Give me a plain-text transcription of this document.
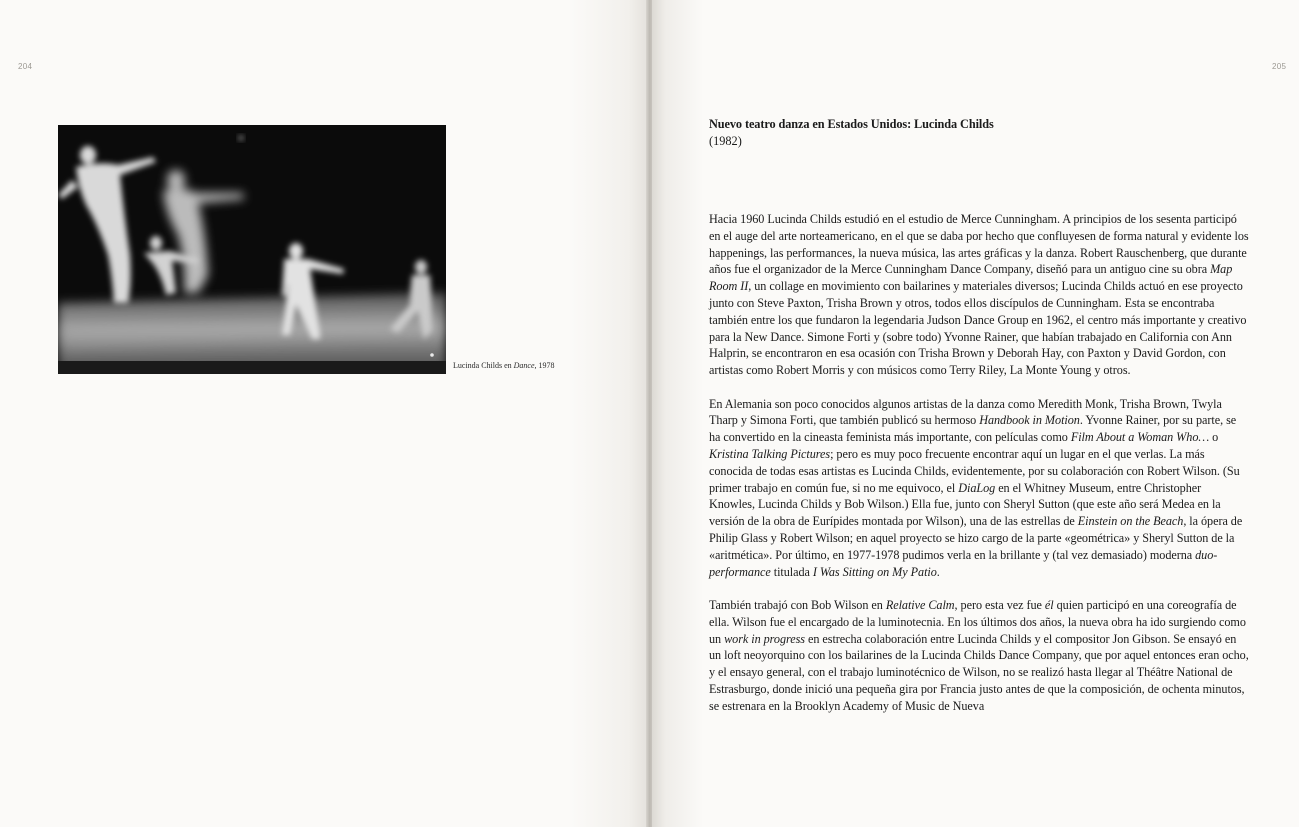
204
Lucinda Childs en Dance, 1978
205

Nuevo teatro danza en Estados Unidos: Lucinda Childs

(1982)

Hacia 1960 Lucinda Childs estudió en el estudio de Merce Cunningham. A principios de los sesenta participó en el auge del arte norteamericano, en el que se daba por hecho que confluyesen de forma natural y evidente los happenings, las performances, la nueva música, las artes gráficas y la danza. Robert Rauschenberg, que durante años fue el organizador de la Merce Cunningham Dance Company, diseñó para un antiguo cine su obra Map Room II, un collage en movimiento con bailarines y materiales diversos; Lucinda Childs actuó en ese proyecto junto con Steve Paxton, Trisha Brown y otros, todos ellos discípulos de Cunningham. Esta se encontraba también entre los que fundaron la legendaria Judson Dance Group en 1962, el centro más importante y creativo para la New Dance. Simone Forti y (sobre todo) Yvonne Rainer, que habían trabajado en California con Ann Halprin, se encontraron en esa ocasión con Trisha Brown y Deborah Hay, con Paxton y David Gordon, con artistas como Robert Morris y con músicos como Terry Riley, La Monte Young y otros.

En Alemania son poco conocidos algunos artistas de la danza como Meredith Monk, Trisha Brown, Twyla Tharp y Simona Forti, que también publicó su hermoso Handbook in Motion. Yvonne Rainer, por su parte, se ha convertido en la cineasta feminista más importante, con películas como Film About a Woman Who… o Kristina Talking Pictures; pero es muy poco frecuente encontrar aquí un lugar en el que verlas. La más conocida de todas esas artistas es Lucinda Childs, evidentemente, por su colaboración con Robert Wilson. (Su primer trabajo en común fue, si no me equivoco, el DiaLog en el Whitney Museum, entre Christopher Knowles, Lucinda Childs y Bob Wilson.) Ella fue, junto con Sheryl Sutton (que este año será Medea en la versión de la obra de Eurípides montada por Wilson), una de las estrellas de Einstein on the Beach, la ópera de Philip Glass y Robert Wilson; en aquel proyecto se hizo cargo de la parte «geométrica» y Sheryl Sutton de la «aritmética». Por último, en 1977-1978 pudimos verla en la brillante y (tal vez demasiado) moderna duo-performance titulada I Was Sitting on My Patio.

También trabajó con Bob Wilson en Relative Calm, pero esta vez fue él quien participó en una coreografía de ella. Wilson fue el encargado de la luminotecnia. En los últimos dos años, la nueva obra ha ido surgiendo como un work in progress en estrecha colaboración entre Lucinda Childs y el compositor Jon Gibson. Se ensayó en un loft neoyorquino con los bailarines de la Lucinda Childs Dance Company, que por aquel entonces eran ocho, y el ensayo general, con el trabajo luminotécnico de Wilson, no se realizó hasta llegar al Théâtre National de Estrasburgo, donde inició una pequeña gira por Francia justo antes de que la composición, de ochenta minutos, se estrenara en la Brooklyn Academy of Music de Nueva
